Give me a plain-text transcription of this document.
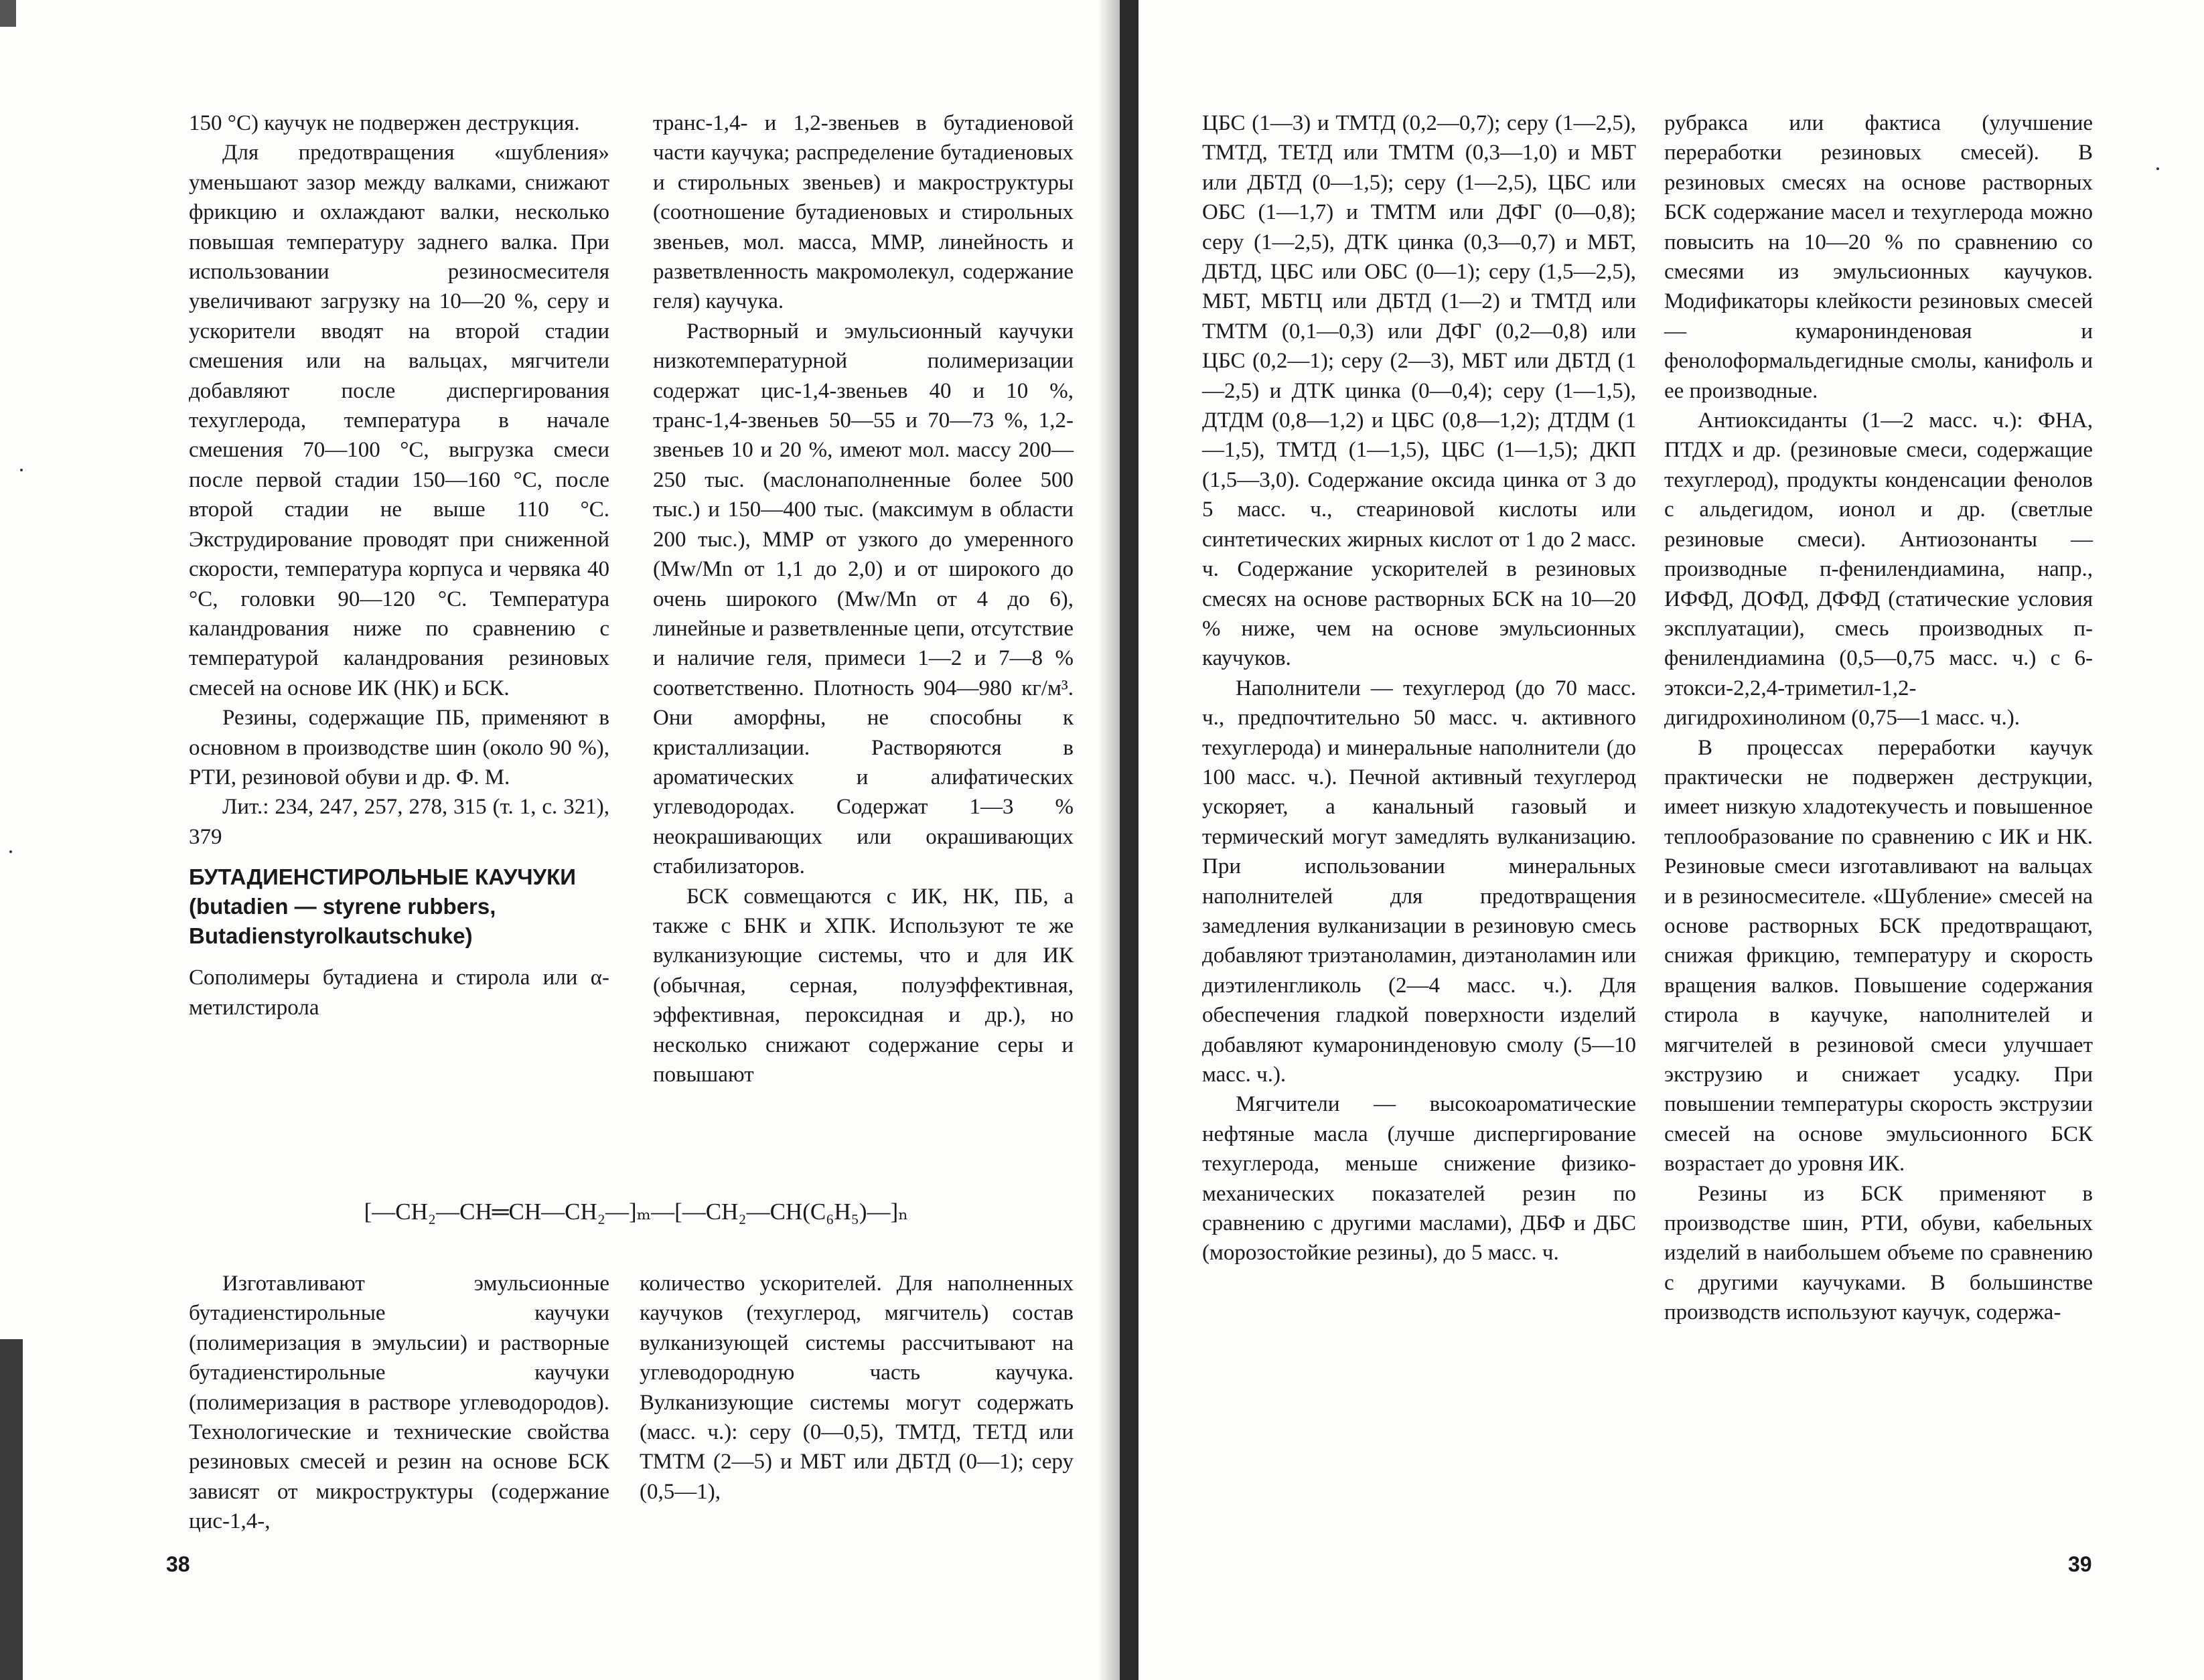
150 °C) каучук не подвержен деструкция.

Для предотвращения «шубления» уменьшают зазор между валками, снижают фрикцию и охлаждают валки, несколько повышая температуру заднего валка. При использовании резиносмесителя увеличивают загрузку на 10—20 %, серу и ускорители вводят на второй стадии смешения или на вальцах, мягчители добавляют после диспергирования техуглерода, температура в начале смешения 70—100 °С, выгрузка смеси после первой стадии 150—160 °С, после второй стадии не выше 110 °С. Экструдирование проводят при сниженной скорости, температура корпуса и червяка 40 °С, головки 90—120 °С. Температура каландрования ниже по сравнению с температурой каландрования резиновых смесей на основе ИК (НК) и БСК.

Резины, содержащие ПБ, применяют в основном в производстве шин (около 90 %), РТИ, резиновой обуви и др. Ф. М.

Лит.: 234, 247, 257, 278, 315 (т. 1, с. 321), 379

БУТАДИЕНСТИРОЛЬНЫЕ КАУЧУКИ (butadien — styrene rubbers, Butadienstyrolkautschuke)

Сополимеры бутадиена и стирола или α-метилстирола

транс-1,4- и 1,2-звеньев в бутадиеновой части каучука; распределение бутадиеновых и стирольных звеньев) и макроструктуры (соотношение бутадиеновых и стирольных звеньев, мол. масса, ММР, линейность и разветвленность макромолекул, содержание геля) каучука.

Растворный и эмульсионный каучуки низкотемпературной полимеризации содержат цис-1,4-звеньев 40 и 10 %, транс-1,4-звеньев 50—55 и 70—73 %, 1,2-звеньев 10 и 20 %, имеют мол. массу 200—250 тыс. (маслонаполненные более 500 тыс.) и 150—400 тыс. (максимум в области 200 тыс.), ММР от узкого до умеренного (Mw/Mn от 1,1 до 2,0) и от широкого до очень широкого (Mw/Mn от 4 до 6), линейные и разветвленные цепи, отсутствие и наличие геля, примеси 1—2 и 7—8 % соответственно. Плотность 904—980 кг/м³. Они аморфны, не способны к кристаллизации. Растворяются в ароматических и алифатических углеводородах. Содержат 1—3 % неокрашивающих или окрашивающих стабилизаторов.

БСК совмещаются с ИК, НК, ПБ, а также с БНК и ХПК. Используют те же вулканизующие системы, что и для ИК (обычная, серная, полуэффективная, эффективная, пероксидная и др.), но несколько снижают содержание серы и повышают

[—CH₂—CH═CH—CH₂—]ₘ—[—CH₂—CH(C₆H₅)—]ₙ

Изготавливают эмульсионные бутадиенстирольные каучуки (полимеризация в эмульсии) и растворные бутадиенстирольные каучуки (полимеризация в растворе углеводородов). Технологические и технические свойства резиновых смесей и резин на основе БСК зависят от микроструктуры (содержание цис-1,4-,

количество ускорителей. Для наполненных каучуков (техуглерод, мягчитель) состав вулканизующей системы рассчитывают на углеводородную часть каучука. Вулканизующие системы могут содержать (масс. ч.): серу (0—0,5), ТМТД, ТЕТД или ТМТМ (2—5) и МБТ или ДБТД (0—1); серу (0,5—1),

38

ЦБС (1—3) и ТМТД (0,2—0,7); серу (1—2,5), ТМТД, ТЕТД или ТМТМ (0,3—1,0) и МБТ или ДБТД (0—1,5); серу (1—2,5), ЦБС или ОБС (1—1,7) и ТМТМ или ДФГ (0—0,8); серу (1—2,5), ДТК цинка (0,3—0,7) и МБТ, ДБТД, ЦБС или ОБС (0—1); серу (1,5—2,5), МБТ, МБТЦ или ДБТД (1—2) и ТМТД или ТМТМ (0,1—0,3) или ДФГ (0,2—0,8) или ЦБС (0,2—1); серу (2—3), МБТ или ДБТД (1—2,5) и ДТК цинка (0—0,4); серу (1—1,5), ДТДМ (0,8—1,2) и ЦБС (0,8—1,2); ДТДМ (1—1,5), ТМТД (1—1,5), ЦБС (1—1,5); ДКП (1,5—3,0). Содержание оксида цинка от 3 до 5 масс. ч., стеариновой кислоты или синтетических жирных кислот от 1 до 2 масс. ч. Содержание ускорителей в резиновых смесях на основе растворных БСК на 10—20 % ниже, чем на основе эмульсионных каучуков.

Наполнители — техуглерод (до 70 масс. ч., предпочтительно 50 масс. ч. активного техуглерода) и минеральные наполнители (до 100 масс. ч.). Печной активный техуглерод ускоряет, а канальный газовый и термический могут замедлять вулканизацию. При использовании минеральных наполнителей для предотвращения замедления вулканизации в резиновую смесь добавляют триэтаноламин, диэтаноламин или диэтиленгликоль (2—4 масс. ч.). Для обеспечения гладкой поверхности изделий добавляют кумаронинденовую смолу (5—10 масс. ч.).

Мягчители — высокоароматические нефтяные масла (лучше диспергирование техуглерода, меньше снижение физико-механических показателей резин по сравнению с другими маслами), ДБФ и ДБС (морозостойкие резины), до 5 масс. ч.

рубракса или фактиса (улучшение переработки резиновых смесей). В резиновых смесях на основе растворных БСК содержание масел и техуглерода можно повысить на 10—20 % по сравнению со смесями из эмульсионных каучуков. Модификаторы клейкости резиновых смесей — кумаронинденовая и фенолоформальдегидные смолы, канифоль и ее производные.

Антиоксиданты (1—2 масс. ч.): ФНА, ПТДХ и др. (резиновые смеси, содержащие техуглерод), продукты конденсации фенолов с альдегидом, ионол и др. (светлые резиновые смеси). Антиозонанты — производные п-фенилендиамина, напр., ИФФД, ДОФД, ДФФД (статические условия эксплуатации), смесь производных п-фенилендиамина (0,5—0,75 масс. ч.) с 6-этокси-2,2,4-триметил-1,2-дигидрохинолином (0,75—1 масс. ч.).

В процессах переработки каучук практически не подвержен деструкции, имеет низкую хладотекучесть и повышенное теплообразование по сравнению с ИК и НК. Резиновые смеси изготавливают на вальцах и в резиносмесителе. «Шубление» смесей на основе растворных БСК предотвращают, снижая фрикцию, температуру и скорость вращения валков. Повышение содержания стирола в каучуке, наполнителей и мягчителей в резиновой смеси улучшает экструзию и снижает усадку. При повышении температуры скорость экструзии смесей на основе эмульсионного БСК возрастает до уровня ИК.

Резины из БСК применяют в производстве шин, РТИ, обуви, кабельных изделий в наибольшем объеме по сравнению с другими каучуками. В большинстве производств используют каучук, содержа-

39
